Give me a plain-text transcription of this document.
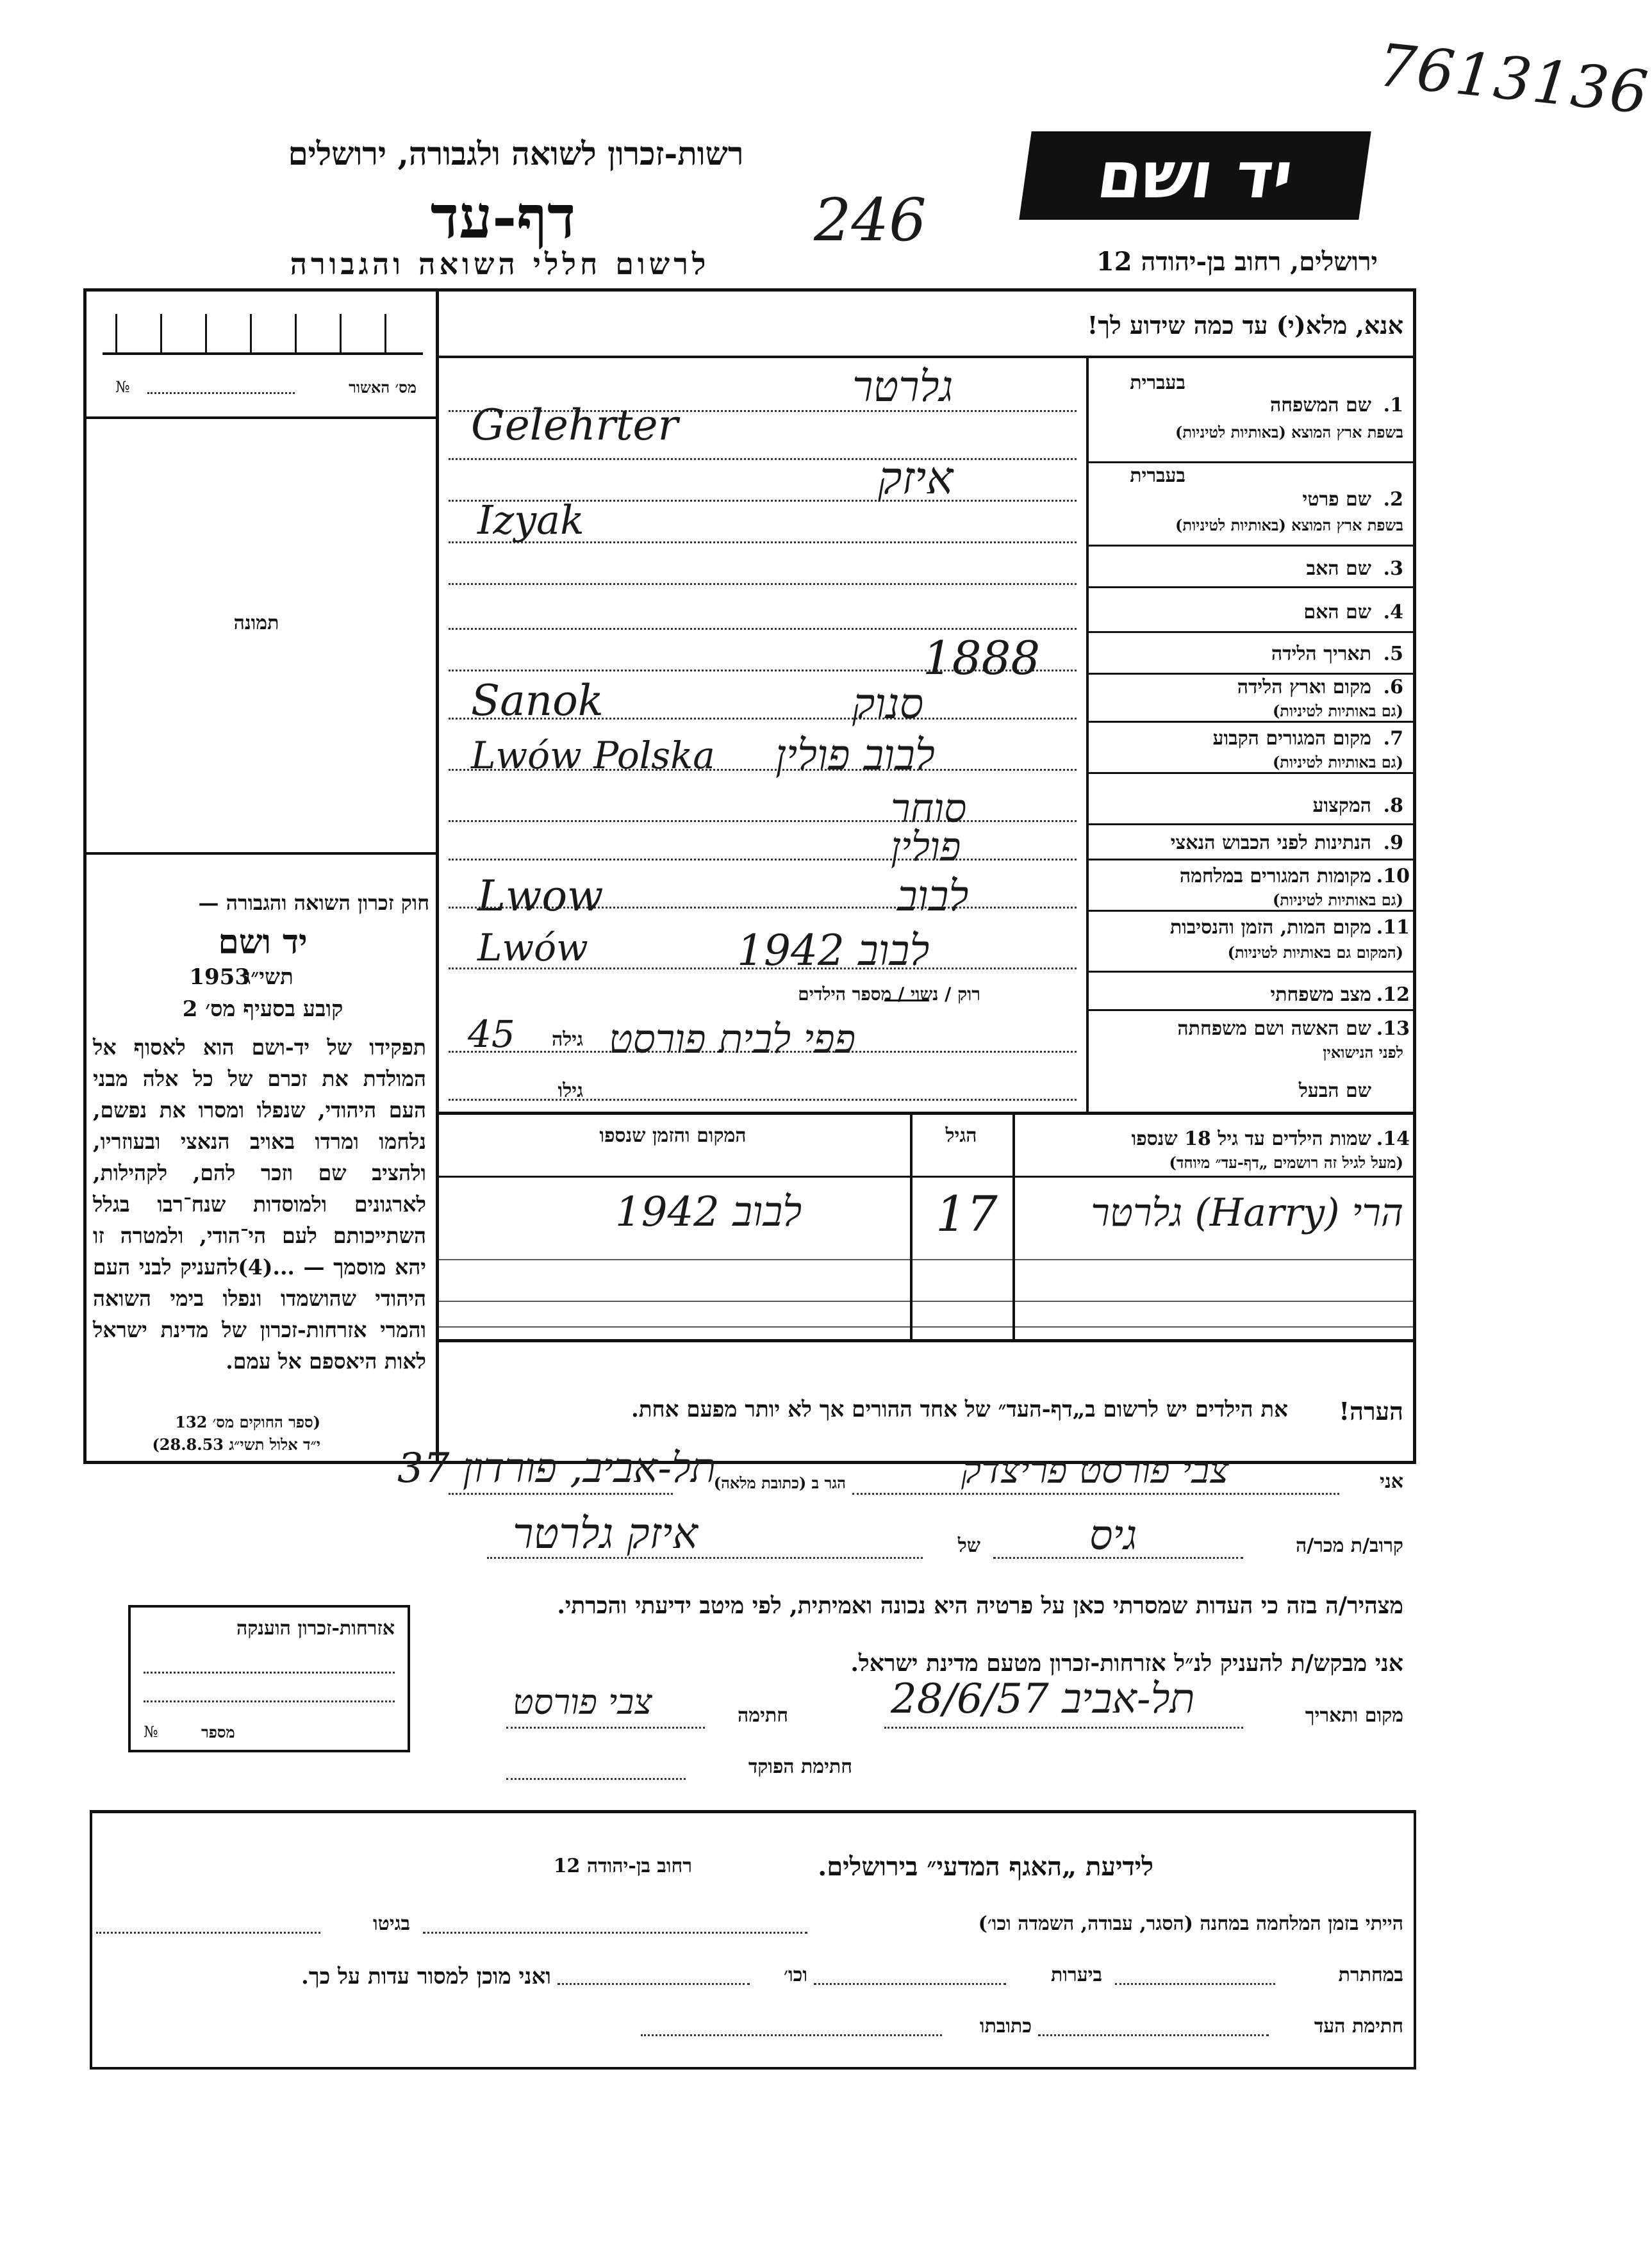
7613136
רשות-זכרון לשואה ולגבורה, ירושלים
דף-עד	246
לרשום חללי השואה והגבורה
יד ושם
ירושלים, רחוב בן-יהודה 12
אנא, מלא(י) עד כמה שידוע לך!
מס׳ האשור
№
תמונה
חוק זכרון השואה והגבורה —
יד ושם
תשי״ג
1953
קובע בסעיף מס׳ 2
תפקידו של יד-ושם הוא לאסוף אל המולדת את זכרם של כל אלה מבני העם היהודי, שנפלו ומסרו את נפשם, נלחמו ומרדו באויב הנאצי ובעוזריו, ולהציב שם וזכר להם, לקהילות, לארגונים ולמוסדות שנח־רבו בגלל השתייכותם לעם הי־הודי, ולמטרה זו יהא מוסמך — ...(4)להעניק לבני העם היהודי שהושמדו ונפלו בימי השואה והמרי אזרחות-זכרון של מדינת ישראל לאות היאספם אל עמם.
(ספר החוקים מס׳ 132
י״ד אלול תשי״ג 28.8.53)
בעברית
1.
שם המשפחה
בשפת ארץ המוצא (באותיות לטיניות)
גלרטר
Gelehrter
בעברית
2.
שם פרטי
בשפת ארץ המוצא (באותיות לטיניות)
איזק
Izyak
3.
שם האב
4.
שם האם
5.
תאריך הלידה
1888
6.
מקום וארץ הלידה
(גם באותיות לטיניות)
סנוק
Sanok
7.
מקום המגורים הקבוע
(גם באותיות לטיניות)
לבוב פולין
Lwów Polska
8.
המקצוע
סוחר
9.
הנתינות לפני הכבוש הנאצי
פולין
10.
מקומות המגורים במלחמה
(גם באותיות לטיניות)
לבוב
Lwow
11.
מקום המות, הזמן והנסיבות
(המקום גם באותיות לטיניות)
לבוב 1942
Lwów
12.
מצב משפחתי
רוק / נשוי / מספר הילדים
13.
שם האשה ושם משפחתה
לפני הנישואין
פפי לבית פורסט
גילה
45
שם הבעל
גילו
14.
שמות הילדים עד גיל 18 שנספו
(מעל לגיל זה רושמים „דף-עד״ מיוחד)
הגיל
המקום והזמן שנספו
הרי (Harry) גלרטר
17
לבוב 1942
הערה!
את הילדים יש לרשום ב„דף-העד״ של אחד ההורים אך לא יותר מפעם אחת.
אני
צבי פורסט פריצדק
הגר ב (כתובת מלאה)
תל-אביב, פורדון 37
קרוב/ת מכר/ה
גיס
של
איזק גלרטר
מצהיר/ה בזה כי העדות שמסרתי כאן על פרטיה היא נכונה ואמיתית, לפי מיטב ידיעתי והכרתי.
אני מבקש/ת להעניק לנ״ל אזרחות-זכרון מטעם מדינת ישראל.
מקום ותאריך
תל-אביב 28/6/57
חתימה
צבי פורסט
חתימת הפוקד
אזרחות-זכרון הוענקה
מספר
№
לידיעת „האגף המדעי״ בירושלים.
רחוב בן-יהודה 12
הייתי בזמן המלחמה במחנה (הסגר, עבודה, השמדה וכו׳)
בגיטו
במחתרת
ביערות
וכו׳
ואני מוכן למסור עדות על כך.
חתימת העד
כתובתו
